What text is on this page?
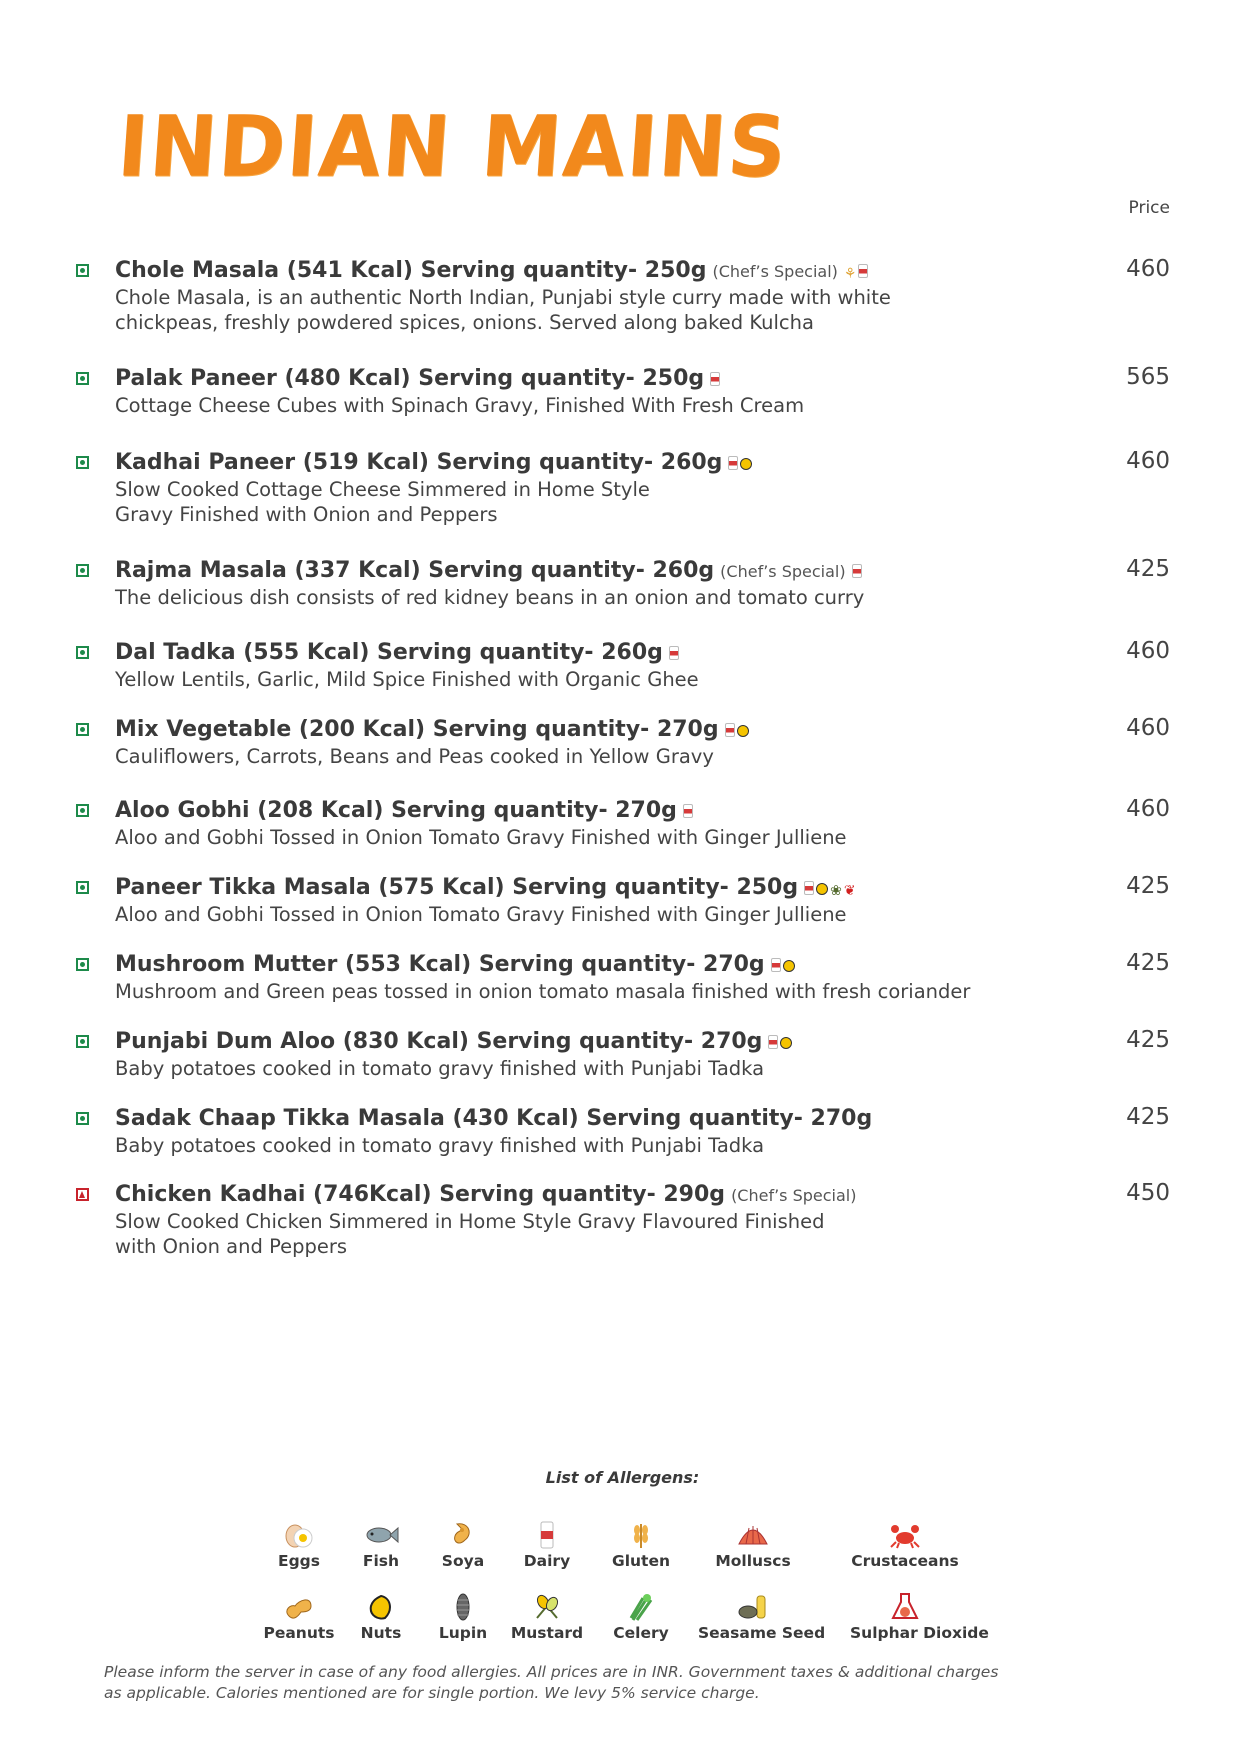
INDIAN MAINS
Price
Chole Masala (541 Kcal) Serving quantity- 250g (Chef’s Special) ⚘
Chole Masala, is an authentic North Indian, Punjabi style curry made with white
chickpeas, freshly powdered spices, onions. Served along baked Kulcha
460
Palak Paneer (480 Kcal) Serving quantity- 250g
Cottage Cheese Cubes with Spinach Gravy, Finished With Fresh Cream
565
Kadhai Paneer (519 Kcal) Serving quantity- 260g
Slow Cooked Cottage Cheese Simmered in Home Style
Gravy Finished with Onion and Peppers
460
Rajma Masala (337 Kcal) Serving quantity- 260g (Chef’s Special)
The delicious dish consists of red kidney beans in an onion and tomato curry
425
Dal Tadka (555 Kcal) Serving quantity- 260g
Yellow Lentils, Garlic, Mild Spice Finished with Organic Ghee
460
Mix Vegetable (200 Kcal) Serving quantity- 270g
Cauliflowers, Carrots, Beans and Peas cooked in Yellow Gravy
460
Aloo Gobhi (208 Kcal) Serving quantity- 270g
Aloo and Gobhi Tossed in Onion Tomato Gravy Finished with Ginger Julliene
460
Paneer Tikka Masala (575 Kcal) Serving quantity- 250g ❀ ❦
Aloo and Gobhi Tossed in Onion Tomato Gravy Finished with Ginger Julliene
425
Mushroom Mutter (553 Kcal) Serving quantity- 270g
Mushroom and Green peas tossed in onion tomato masala finished with fresh coriander
425
Punjabi Dum Aloo (830 Kcal) Serving quantity- 270g
Baby potatoes cooked in tomato gravy finished with Punjabi Tadka
425
Sadak Chaap Tikka Masala (430 Kcal) Serving quantity- 270g
Baby potatoes cooked in tomato gravy finished with Punjabi Tadka
425
Chicken Kadhai (746Kcal) Serving quantity- 290g (Chef’s Special)
Slow Cooked Chicken Simmered in Home Style Gravy Flavoured Finished
with Onion and Peppers
450
List of Allergens:
Eggs	Fish	Soya	Dairy	Gluten	Molluscs	Crustaceans
Peanuts	Nuts	Lupin	Mustard	Celery	Seasame Seed Sulphar Dioxide
Please inform the server in case of any food allergies. All prices are in INR. Government taxes & additional charges
as applicable. Calories mentioned are for single portion. We levy 5% service charge.
